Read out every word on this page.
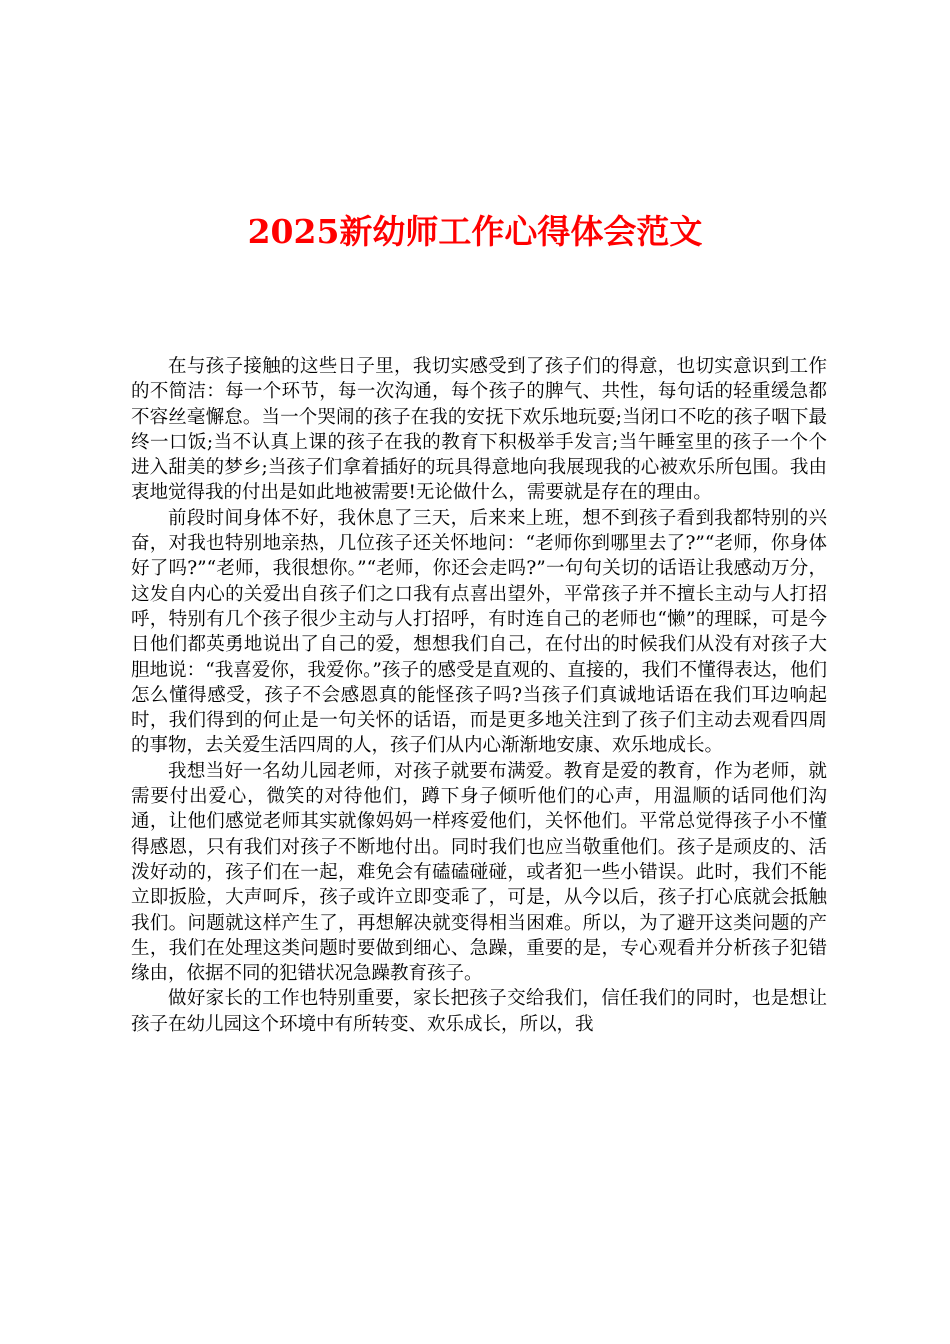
2025新幼师工作心得体会范文

在与孩子接触的这些日子里，我切实感受到了孩子们的得意，也切实意识到工作的不简洁：每一个环节，每一次沟通，每个孩子的脾气、共性，每句话的轻重缓急都不容丝毫懈怠。当一个哭闹的孩子在我的安抚下欢乐地玩耍;当闭口不吃的孩子咽下最终一口饭;当不认真上课的孩子在我的教育下积极举手发言;当午睡室里的孩子一个个进入甜美的梦乡;当孩子们拿着插好的玩具得意地向我展现我的心被欢乐所包围。我由衷地觉得我的付出是如此地被需要!无论做什么，需要就是存在的理由。

前段时间身体不好，我休息了三天，后来来上班，想不到孩子看到我都特别的兴奋，对我也特别地亲热，几位孩子还关怀地问：“老师你到哪里去了?”“老师，你身体好了吗?”“老师，我很想你。”“老师，你还会走吗?”一句句关切的话语让我感动万分，这发自内心的关爱出自孩子们之口我有点喜出望外，平常孩子并不擅长主动与人打招呼，特别有几个孩子很少主动与人打招呼，有时连自己的老师也“懒”的理睬，可是今日他们都英勇地说出了自己的爱，想想我们自己，在付出的时候我们从没有对孩子大胆地说：“我喜爱你，我爱你。”孩子的感受是直观的、直接的，我们不懂得表达，他们怎么懂得感受，孩子不会感恩真的能怪孩子吗?当孩子们真诚地话语在我们耳边响起时，我们得到的何止是一句关怀的话语，而是更多地关注到了孩子们主动去观看四周的事物，去关爱生活四周的人，孩子们从内心渐渐地安康、欢乐地成长。

我想当好一名幼儿园老师，对孩子就要布满爱。教育是爱的教育，作为老师，就需要付出爱心，微笑的对待他们，蹲下身子倾听他们的心声，用温顺的话同他们沟通，让他们感觉老师其实就像妈妈一样疼爱他们，关怀他们。平常总觉得孩子小不懂得感恩，只有我们对孩子不断地付出。同时我们也应当敬重他们。孩子是顽皮的、活泼好动的，孩子们在一起，难免会有磕磕碰碰，或者犯一些小错误。此时，我们不能立即扳脸，大声呵斥，孩子或许立即变乖了，可是，从今以后，孩子打心底就会抵触我们。问题就这样产生了，再想解决就变得相当困难。所以，为了避开这类问题的产生，我们在处理这类问题时要做到细心、急躁，重要的是，专心观看并分析孩子犯错缘由，依据不同的犯错状况急躁教育孩子。

做好家长的工作也特别重要，家长把孩子交给我们，信任我们的同时，也是想让孩子在幼儿园这个环境中有所转变、欢乐成长，所以，我
